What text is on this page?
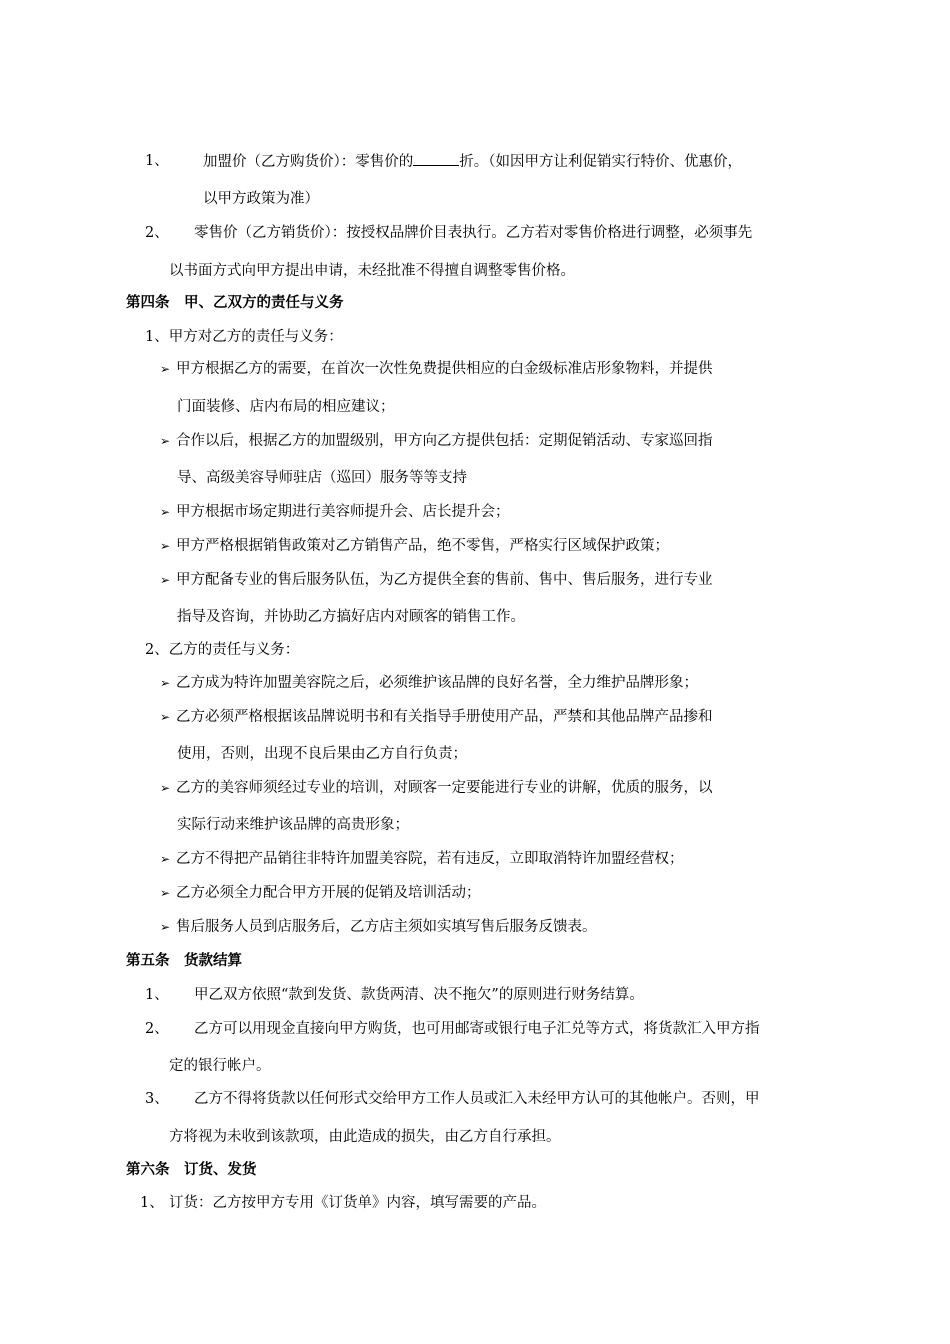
1、 加盟价（乙方购货价）：零售价的	折。（如因甲方让利促销实行特价、优惠价，
以甲方政策为准）
2、 零售价（乙方销货价）：按授权品牌价目表执行。乙方若对零售价格进行调整，必须事先
以书面方式向甲方提出申请，未经批准不得擅自调整零售价格。
第四条　甲、乙双方的责任与义务
1、甲方对乙方的责任与义务：
➢ 甲方根据乙方的需要，在首次一次性免费提供相应的白金级标准店形象物料，并提供
门面装修、店内布局的相应建议；
➢ 合作以后，根据乙方的加盟级别，甲方向乙方提供包括：定期促销活动、专家巡回指
导、高级美容导师驻店（巡回）服务等等支持
➢ 甲方根据市场定期进行美容师提升会、店长提升会；
➢ 甲方严格根据销售政策对乙方销售产品，绝不零售，严格实行区域保护政策；
➢ 甲方配备专业的售后服务队伍，为乙方提供全套的售前、售中、售后服务，进行专业
指导及咨询，并协助乙方搞好店内对顾客的销售工作。
2、乙方的责任与义务：
➢ 乙方成为特许加盟美容院之后，必须维护该品牌的良好名誉，全力维护品牌形象；
➢ 乙方必须严格根据该品牌说明书和有关指导手册使用产品，严禁和其他品牌产品掺和
使用，否则，出现不良后果由乙方自行负责；
➢ 乙方的美容师须经过专业的培训，对顾客一定要能进行专业的讲解，优质的服务，以
实际行动来维护该品牌的高贵形象；
➢ 乙方不得把产品销往非特许加盟美容院，若有违反，立即取消特许加盟经营权；
➢ 乙方必须全力配合甲方开展的促销及培训活动；
➢ 售后服务人员到店服务后，乙方店主须如实填写售后服务反馈表。
第五条　货款结算
1、 甲乙双方依照“款到发货、款货两清、决不拖欠”的原则进行财务结算。
2、 乙方可以用现金直接向甲方购货，也可用邮寄或银行电子汇兑等方式，将货款汇入甲方指
定的银行帐户。
3、 乙方不得将货款以任何形式交给甲方工作人员或汇入未经甲方认可的其他帐户。否则，甲
方将视为未收到该款项，由此造成的损失，由乙方自行承担。
第六条　订货、发货
1、 订货：乙方按甲方专用《订货单》内容，填写需要的产品。
